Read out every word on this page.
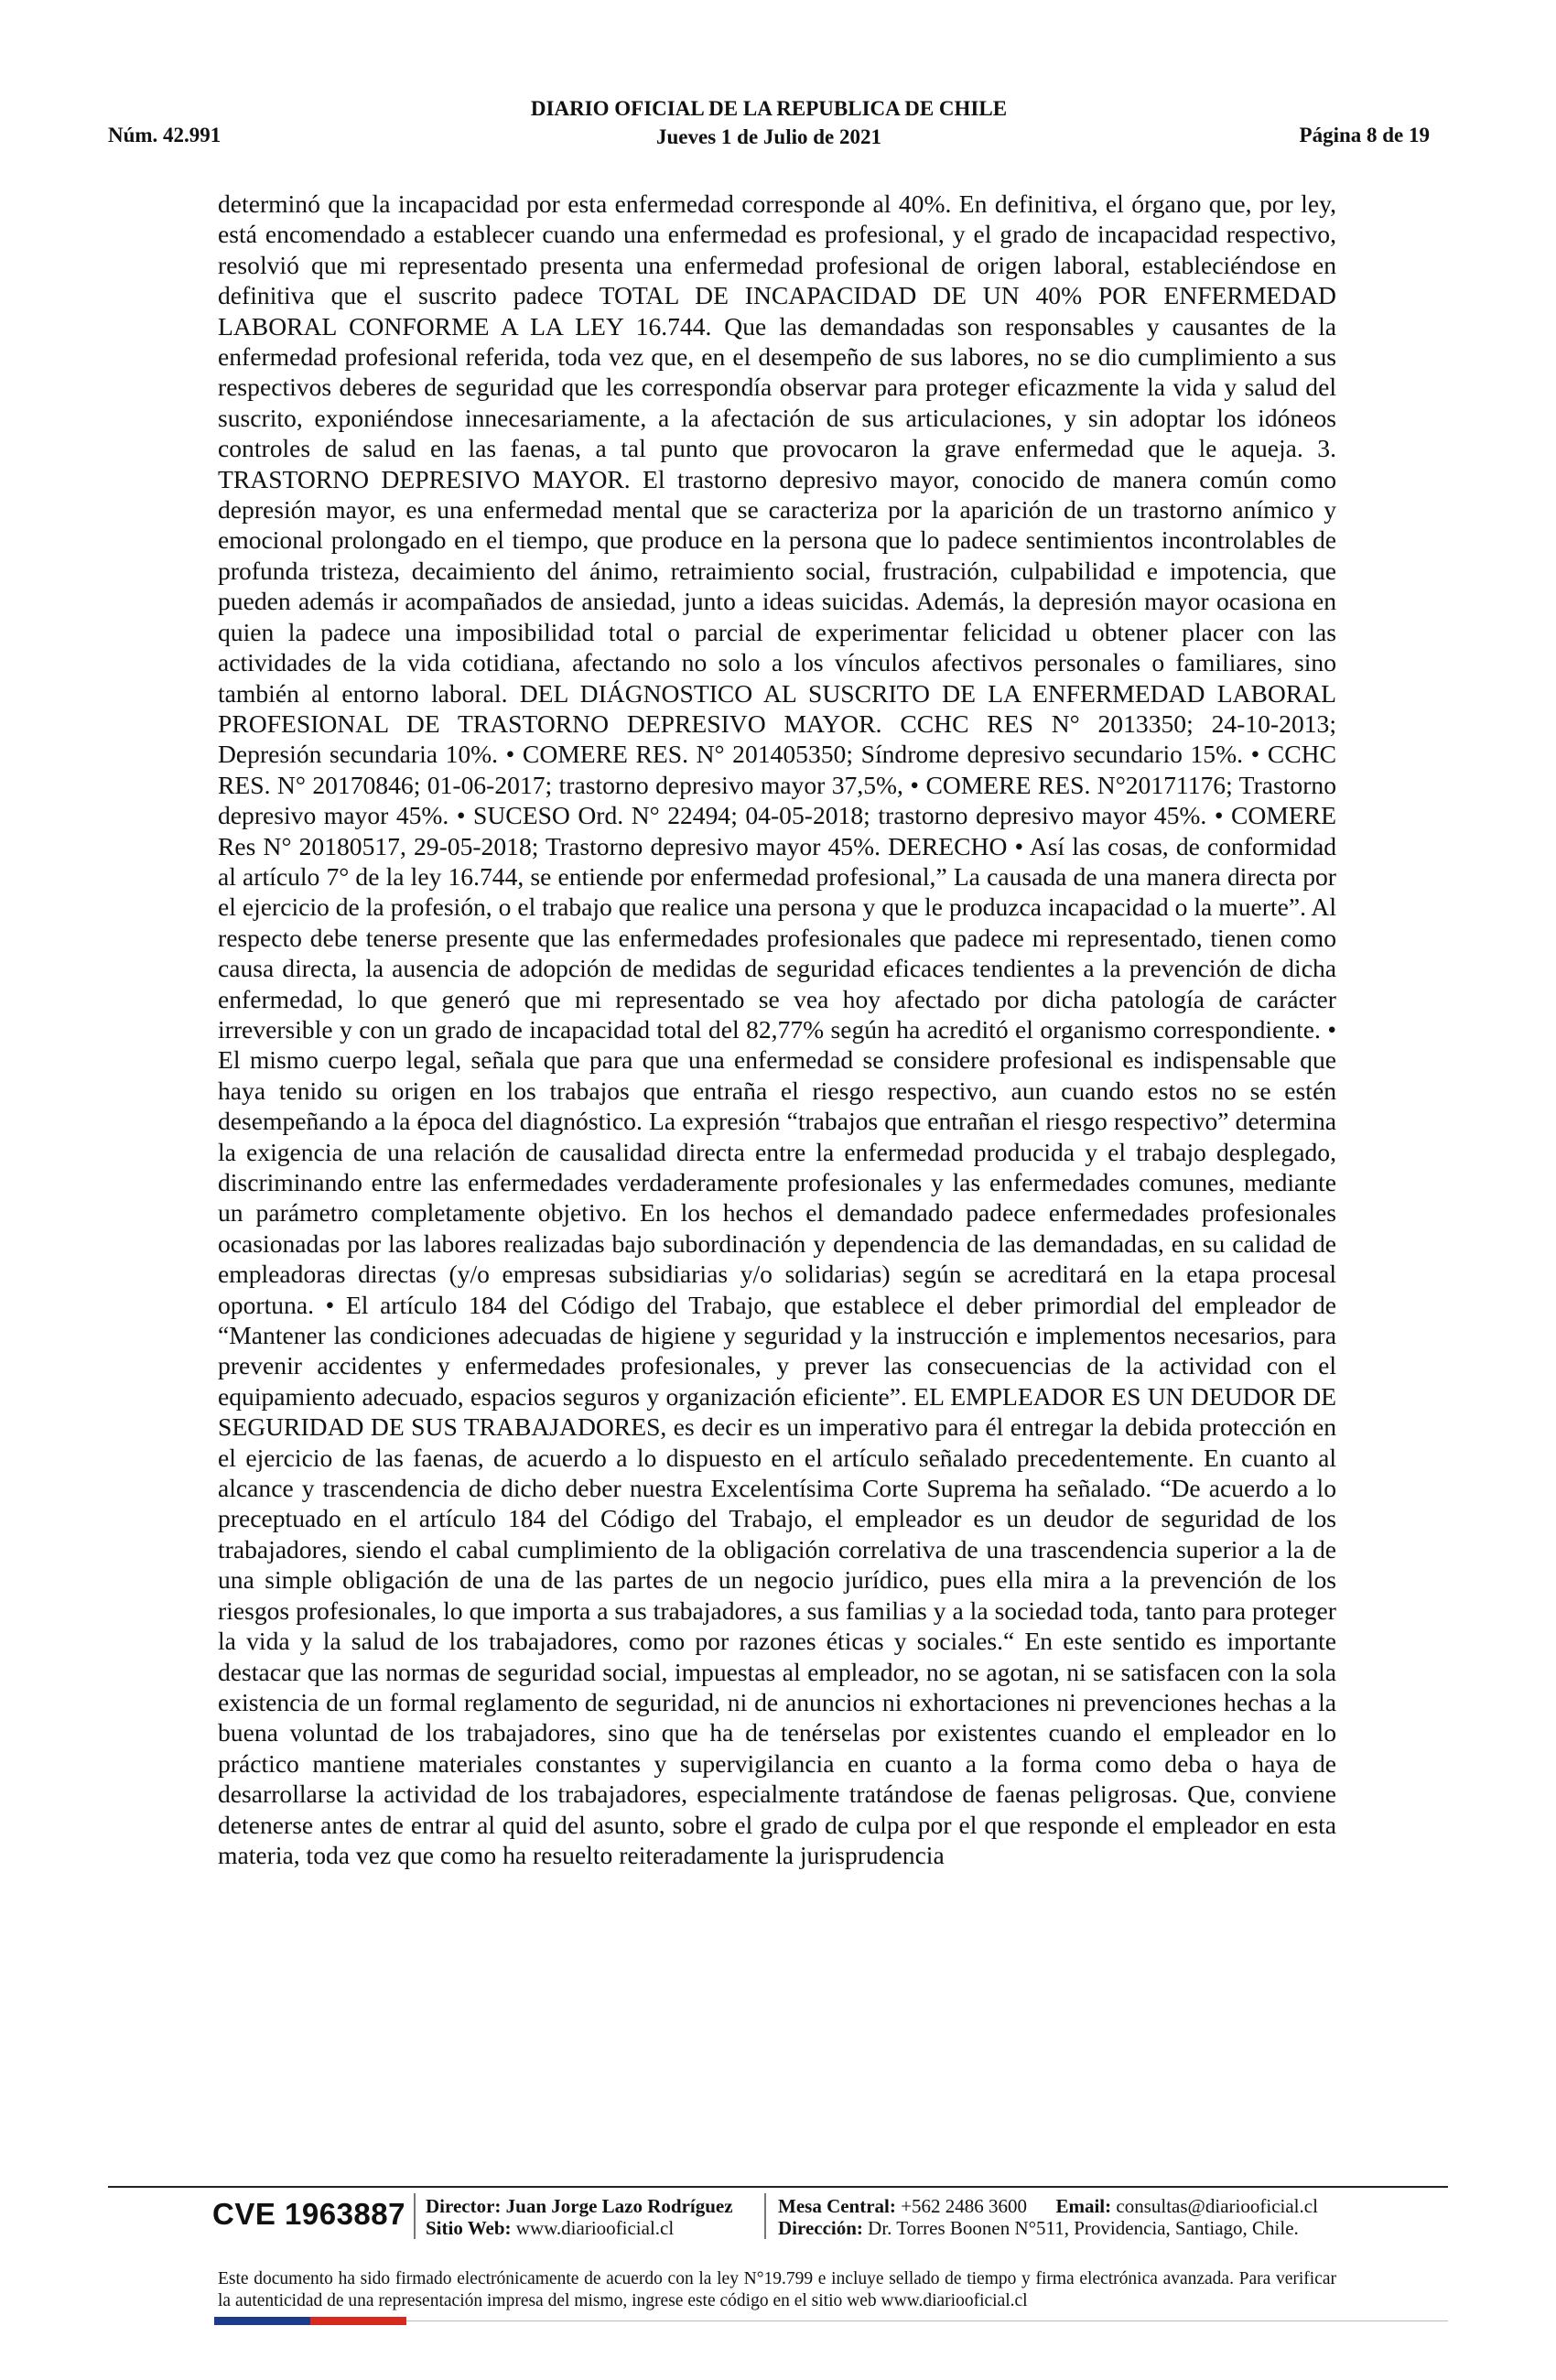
Núm. 42.991
DIARIO OFICIAL DE LA REPUBLICA DE CHILE
Jueves 1 de Julio de 2021	Página 8 de 19
determinó que la incapacidad por esta enfermedad corresponde al 40%. En definitiva, el órgano que, por ley, está encomendado a establecer cuando una enfermedad es profesional, y el grado de incapacidad respectivo, resolvió que mi representado presenta una enfermedad profesional de origen laboral, estableciéndose en definitiva que el suscrito padece TOTAL DE INCAPACIDAD DE UN 40% POR ENFERMEDAD LABORAL CONFORME A LA LEY 16.744. Que las demandadas son responsables y causantes de la enfermedad profesional referida, toda vez que, en el desempeño de sus labores, no se dio cumplimiento a sus respectivos deberes de seguridad que les correspondía observar para proteger eficazmente la vida y salud del suscrito, exponiéndose innecesariamente, a la afectación de sus articulaciones, y sin adoptar los idóneos controles de salud en las faenas, a tal punto que provocaron la grave enfermedad que le aqueja. 3. TRASTORNO DEPRESIVO MAYOR. El trastorno depresivo mayor, conocido de manera común como depresión mayor, es una enfermedad mental que se caracteriza por la aparición de un trastorno anímico y emocional prolongado en el tiempo, que produce en la persona que lo padece sentimientos incontrolables de profunda tristeza, decaimiento del ánimo, retraimiento social, frustración, culpabilidad e impotencia, que pueden además ir acompañados de ansiedad, junto a ideas suicidas. Además, la depresión mayor ocasiona en quien la padece una imposibilidad total o parcial de experimentar felicidad u obtener placer con las actividades de la vida cotidiana, afectando no solo a los vínculos afectivos personales o familiares, sino también al entorno laboral. DEL DIÁGNOSTICO AL SUSCRITO DE LA ENFERMEDAD LABORAL PROFESIONAL DE TRASTORNO DEPRESIVO MAYOR. CCHC RES N° 2013350; 24-10-2013; Depresión secundaria 10%. • COMERE RES. N° 201405350; Síndrome depresivo secundario 15%. • CCHC RES. N° 20170846; 01-06-2017; trastorno depresivo mayor 37,5%, • COMERE RES. N°20171176; Trastorno depresivo mayor 45%. • SUCESO Ord. N° 22494; 04-05-2018; trastorno depresivo mayor 45%. • COMERE Res N° 20180517, 29-05-2018; Trastorno depresivo mayor 45%. DERECHO • Así las cosas, de conformidad al artículo 7° de la ley 16.744, se entiende por enfermedad profesional,” La causada de una manera directa por el ejercicio de la profesión, o el trabajo que realice una persona y que le produzca incapacidad o la muerte”. Al respecto debe tenerse presente que las enfermedades profesionales que padece mi representado, tienen como causa directa, la ausencia de adopción de medidas de seguridad eficaces tendientes a la prevención de dicha enfermedad, lo que generó que mi representado se vea hoy afectado por dicha patología de carácter irreversible y con un grado de incapacidad total del 82,77% según ha acreditó el organismo correspondiente. • El mismo cuerpo legal, señala que para que una enfermedad se considere profesional es indispensable que haya tenido su origen en los trabajos que entraña el riesgo respectivo, aun cuando estos no se estén desempeñando a la época del diagnóstico. La expresión “trabajos que entrañan el riesgo respectivo” determina la exigencia de una relación de causalidad directa entre la enfermedad producida y el trabajo desplegado, discriminando entre las enfermedades verdaderamente profesionales y las enfermedades comunes, mediante un parámetro completamente objetivo. En los hechos el demandado padece enfermedades profesionales ocasionadas por las labores realizadas bajo subordinación y dependencia de las demandadas, en su calidad de empleadoras directas (y/o empresas subsidiarias y/o solidarias) según se acreditará en la etapa procesal oportuna. • El artículo 184 del Código del Trabajo, que establece el deber primordial del empleador de “Mantener las condiciones adecuadas de higiene y seguridad y la instrucción e implementos necesarios, para prevenir accidentes y enfermedades profesionales, y prever las consecuencias de la actividad con el equipamiento adecuado, espacios seguros y organización eficiente”. EL EMPLEADOR ES UN DEUDOR DE SEGURIDAD DE SUS TRABAJADORES, es decir es un imperativo para él entregar la debida protección en el ejercicio de las faenas, de acuerdo a lo dispuesto en el artículo señalado precedentemente. En cuanto al alcance y trascendencia de dicho deber nuestra Excelentísima Corte Suprema ha señalado. “De acuerdo a lo preceptuado en el artículo 184 del Código del Trabajo, el empleador es un deudor de seguridad de los trabajadores, siendo el cabal cumplimiento de la obligación correlativa de una trascendencia superior a la de una simple obligación de una de las partes de un negocio jurídico, pues ella mira a la prevención de los riesgos profesionales, lo que importa a sus trabajadores, a sus familias y a la sociedad toda, tanto para proteger la vida y la salud de los trabajadores, como por razones éticas y sociales.“ En este sentido es importante destacar que las normas de seguridad social, impuestas al empleador, no se agotan, ni se satisfacen con la sola existencia de un formal reglamento de seguridad, ni de anuncios ni exhortaciones ni prevenciones hechas a la buena voluntad de los trabajadores, sino que ha de tenérselas por existentes cuando el empleador en lo práctico mantiene materiales constantes y supervigilancia en cuanto a la forma como deba o haya de desarrollarse la actividad de los trabajadores, especialmente tratándose de faenas peligrosas. Que, conviene detenerse antes de entrar al quid del asunto, sobre el grado de culpa por el que responde el empleador en esta materia, toda vez que como ha resuelto reiteradamente la jurisprudencia
CVE 1963887 Director: Juan Jorge Lazo Rodríguez
Sitio Web: www.diariooficial.cl
Mesa Central: +562 2486 3600 Email: consultas@diariooficial.cl
Dirección: Dr. Torres Boonen N°511, Providencia, Santiago, Chile.
Este documento ha sido firmado electrónicamente de acuerdo con la ley N°19.799 e incluye sellado de tiempo y firma electrónica avanzada. Para verificar la autenticidad de una representación impresa del mismo, ingrese este código en el sitio web www.diariooficial.cl
